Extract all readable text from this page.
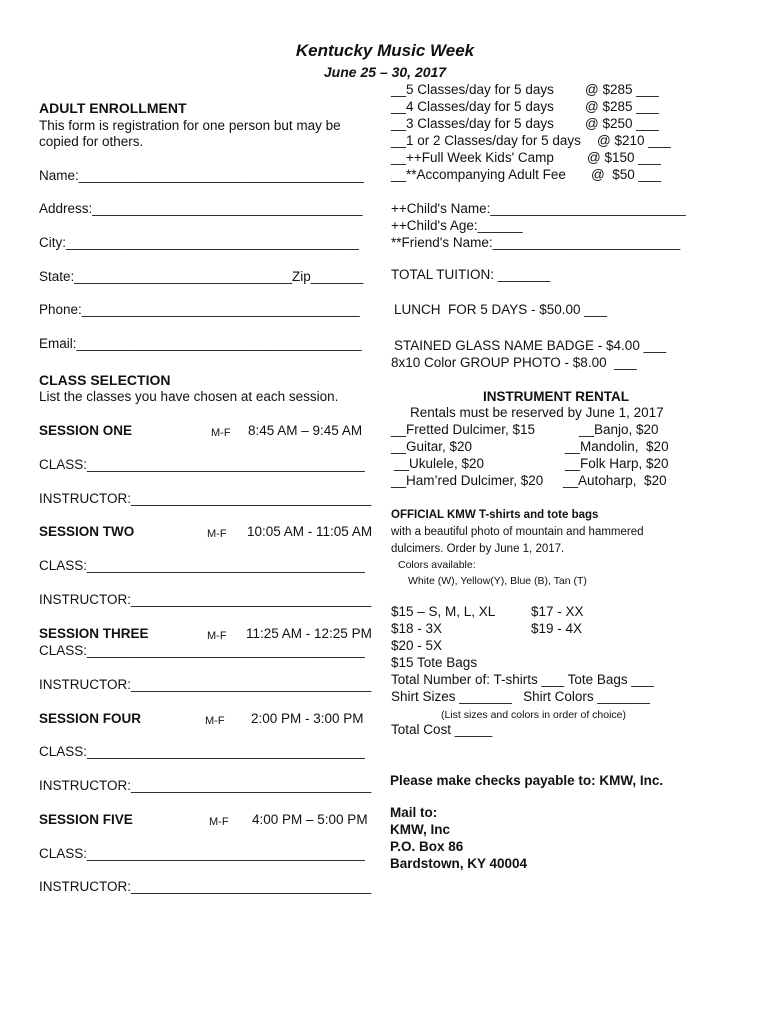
Kentucky Music Week
June 25 – 30, 2017
ADULT ENROLLMENT
This form is registration for one person but may be
copied for others.
Name:______________________________________
Address:____________________________________
City:_______________________________________
State:_____________________________Zip_______
Phone:_____________________________________
Email:______________________________________
CLASS SELECTION
List the classes you have chosen at each session.
SESSION ONE	M-F 8:45 AM – 9:45 AM
CLASS:_____________________________________
INSTRUCTOR:________________________________
SESSION TWO	M-F 10:05 AM - 11:05 AM
CLASS:_____________________________________
INSTRUCTOR:________________________________
SESSION THREE	M-F 11:25 AM - 12:25 PM
CLASS:_____________________________________
INSTRUCTOR:________________________________
SESSION FOUR	M-F 2:00 PM - 3:00 PM
CLASS:_____________________________________
INSTRUCTOR:________________________________
SESSION FIVE	M-F 4:00 PM – 5:00 PM
CLASS:_____________________________________
INSTRUCTOR:________________________________
__5 Classes/day for 5 days @ $285 ___
__4 Classes/day for 5 days @ $285 ___
__3 Classes/day for 5 days @ $250 ___
__1 or 2 Classes/day for 5 days @ $210 ___
__++Full Week Kids' Camp @ $150 ___
__**Accompanying Adult Fee @  $50 ___
++Child's Name:__________________________
++Child's Age:______
**Friend's Name:_________________________
TOTAL TUITION: _______
LUNCH  FOR 5 DAYS - $50.00 ___
STAINED GLASS NAME BADGE - $4.00 ___
8x10 Color GROUP PHOTO - $8.00  ___
INSTRUMENT RENTAL
Rentals must be reserved by June 1, 2017
__Fretted Dulcimer, $15	__Banjo, $20
__Guitar, $20	__Mandolin,  $20
__Ukulele, $20	__Folk Harp, $20
__Ham’red Dulcimer, $20 __Autoharp,  $20
OFFICIAL KMW T-shirts and tote bags
with a beautiful photo of mountain and hammered
dulcimers. Order by June 1, 2017.
Colors available:
White (W), Yellow(Y), Blue (B), Tan (T)
$15 – S, M, L, XL	$17 - XX
$18 - 3X	$19 - 4X
$20 - 5X
$15 Tote Bags
Total Number of: T-shirts ___ Tote Bags ___
Shirt Sizes _______   Shirt Colors _______
(List sizes and colors in order of choice)
Total Cost _____
Please make checks payable to: KMW, Inc.
Mail to:
KMW, Inc
P.O. Box 86
Bardstown, KY 40004
